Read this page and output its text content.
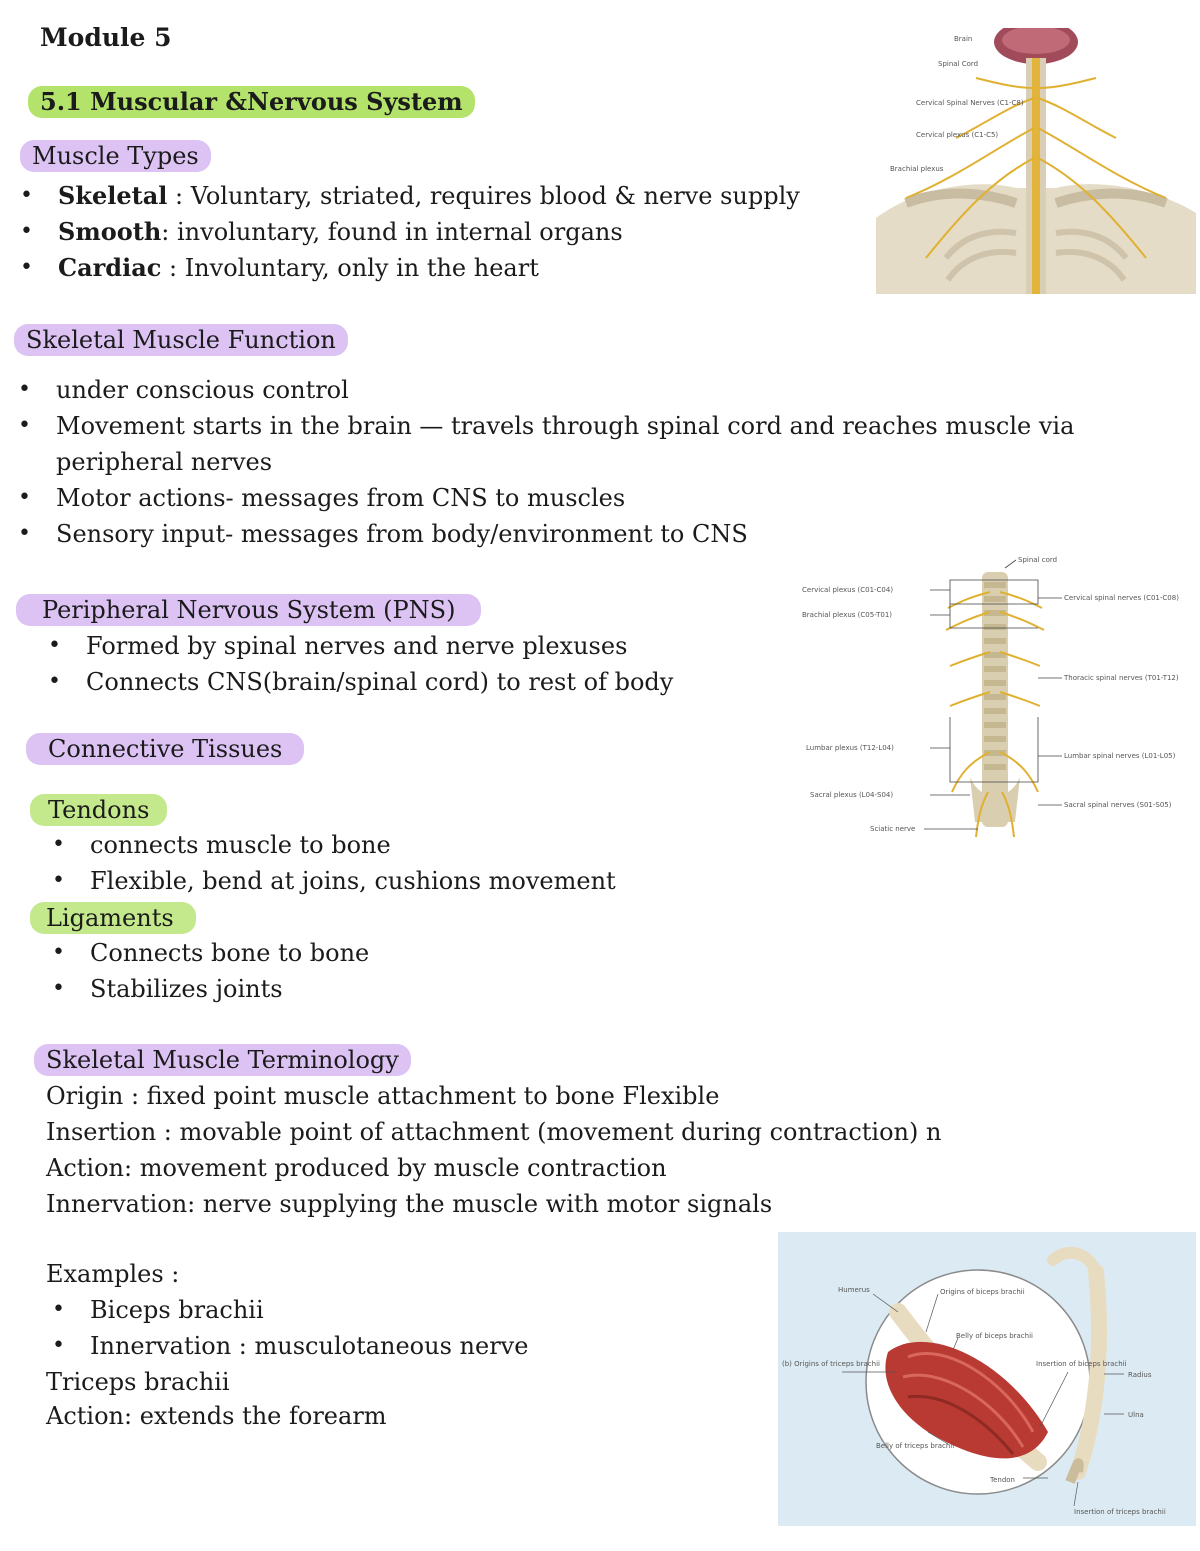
Module 5
5.1 Muscular &Nervous System
Muscle Types
• Skeletal : Voluntary, striated, requires blood & nerve supply
• Smooth: involuntary, found in internal organs
• Cardiac : Involuntary, only in the heart
Skeletal Muscle Function
• under conscious control
• Movement starts in the brain — travels through spinal cord and reaches muscle via
peripheral nerves
• Motor actions- messages from CNS to muscles
• Sensory input- messages from body/environment to CNS
Peripheral Nervous System (PNS)
• Formed by spinal nerves and nerve plexuses
• Connects CNS(brain/spinal cord) to rest of body
Connective Tissues
Tendons
• connects muscle to bone
• Flexible, bend at joins, cushions movement
Ligaments
• Connects bone to bone
• Stabilizes joints
Skeletal Muscle Terminology
Origin : fixed point muscle attachment to bone Flexible
Insertion : movable point of attachment (movement during contraction) n
Action: movement produced by muscle contraction
Innervation: nerve supplying the muscle with motor signals
Examples :
• Biceps brachii
• Innervation : musculotaneous nerve
Triceps brachii
Action: extends the forearm
Brain
Spinal Cord
Cervical Spinal Nerves (C1-C8)
Cervical plexus (C1-C5)
Brachial plexus
Cervical plexus (C01-C04)
Brachial plexus (C05-T01)
Lumbar plexus (T12-L04)
Sacral plexus (L04-S04)
Sciatic nerve
Spinal cord
Cervical spinal nerves (C01-C08)
Thoracic spinal nerves (T01-T12)
Lumbar spinal nerves (L01-L05)
Sacral spinal nerves (S01-S05)
Humerus	Origins of biceps brachii
Belly of biceps brachii
(b) Origins of triceps brachii	Insertion of biceps brachii
Radius
Ulna
Belly of triceps brachii
Tendon
Insertion of triceps brachii
